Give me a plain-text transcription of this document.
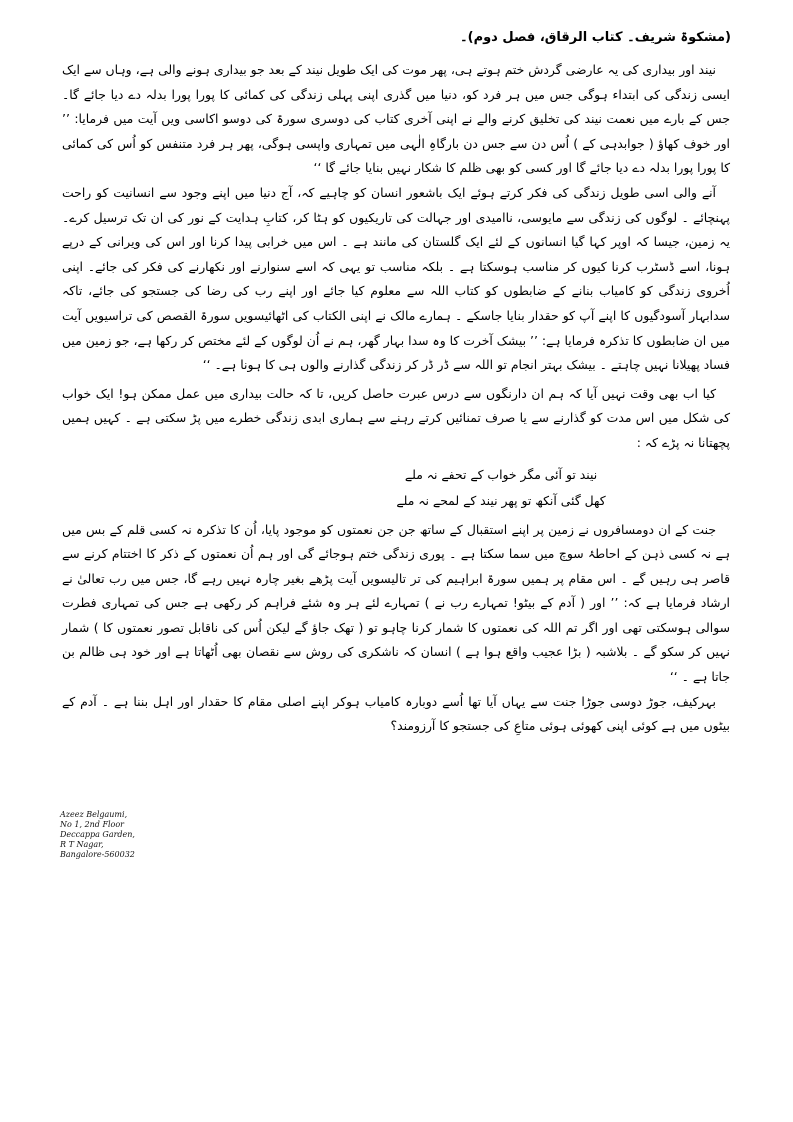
(مشکوۃ شریف۔ کتاب الرقاق، فصل دوم)۔

نیند اور بیداری کی یہ عارضی گردش ختم ہوتے ہی، پھر موت کی ایک طویل نیند کے بعد جو بیداری ہونے والی ہے، وہاں سے ایک ایسی زندگی کی ابتداء ہوگی جس میں ہر فرد کو، دنیا میں گذری اپنی پہلی زندگی کی کمائی کا پورا پورا بدلہ دے دیا جائے گا۔ جس کے بارے میں نعمت نیند کی تخلیق کرنے والے نے اپنی آخری کتاب کی دوسری سورۃ کی دوسو اکاسی ویں آیت میں فرمایا: ’’ اور خوف کھاؤ ( جوابدہی کے ) اُس دن سے جس دن بارگاہِ الٰہی میں تمہاری واپسی ہوگی، پھر ہر فرد متنفس کو اُس کی کمائی کا پورا پورا بدلہ دے دیا جائے گا اور کسی کو بھی ظلم کا شکار نہیں بنایا جائے گا ‘‘

آنے والی اسی طویل زندگی کی فکر کرتے ہوئے ایک باشعور انسان کو چاہیے کہ، آج دنیا میں اپنے وجود سے انسانیت کو راحت پہنچائے ۔ لوگوں کی زندگی سے مایوسی، ناامیدی اور جہالت کی تاریکیوں کو ہٹا کر، کتابِ ہدایت کے نور کی ان تک ترسیل کرے۔ یہ زمین، جیسا کہ اوپر کہا گیا انسانوں کے لئے ایک گلستان کی مانند ہے ۔ اس میں خرابی پیدا کرنا اور اس کی ویرانی کے درپے ہونا، اسے ڈسٹرب کرنا کیوں کر مناسب ہوسکتا ہے ۔ بلکہ مناسب تو یہی کہ اسے سنوارنے اور نکھارنے کی فکر کی جائے۔ اپنی اُخروی زندگی کو کامیاب بنانے کے ضابطوں کو کتاب اللہ سے معلوم کیا جائے اور اپنے رب کی رضا کی جستجو کی جائے، تاکہ سدابہار آسودگیوں کا اپنے آپ کو حقدار بنایا جاسکے ۔ ہمارے مالک نے اپنی الکتاب کی اٹھائیسویں سورۃ القصص کی تراسیویں آیت میں ان ضابطوں کا تذکرہ فرمایا ہے: ’’ بیشک آخرت کا وہ سدا بہار گھر، ہم نے اُن لوگوں کے لئے مختص کر رکھا ہے، جو زمین میں فساد پھیلانا نہیں چاہتے ۔ بیشک بہتر انجام تو اللہ سے ڈر ڈر کر زندگی گذارنے والوں ہی کا ہونا ہے۔ ‘‘

کیا اب بھی وقت نہیں آیا کہ ہم ان دارنگوں سے درس عبرت حاصل کریں، تا کہ حالت بیداری میں عمل ممکن ہو! ایک خواب کی شکل میں اس مدت کو گذارنے سے یا صرف تمنائیں کرتے رہنے سے ہماری ابدی زندگی خطرے میں پڑ سکتی ہے ۔ کہیں ہمیں پچھتانا نہ پڑے کہ :

نیند تو آئی مگر خواب کے تحفے نہ ملے
کھل گئی آنکھ تو پھر نیند کے لمحے نہ ملے

جنت کے ان دومسافروں نے زمین پر اپنے استقبال کے ساتھ جن جن نعمتوں کو موجود پایا، اُن کا تذکرہ نہ کسی قلم کے بس میں ہے نہ کسی ذہن کے احاطۂ سوچ میں سما سکتا ہے ۔ پوری زندگی ختم ہوجائے گی اور ہم اُن نعمتوں کے ذکر کا اختتام کرنے سے قاصر ہی رہیں گے ۔ اس مقام پر ہمیں سورۃ ابراہیم کی تر تالیسویں آیت پڑھے بغیر چارہ نہیں رہے گا، جس میں رب تعالیٰ نے ارشاد فرمایا ہے کہ: ’’ اور ( آدم کے بیٹو! تمہارے رب نے ) تمہارے لئے ہر وہ شئے فراہم کر رکھی ہے جس کی تمہاری فطرت سوالی ہوسکتی تھی اور اگر تم اللہ کی نعمتوں کا شمار کرنا چاہو تو ( تھک جاؤ گے لیکن اُس کی ناقابل تصور نعمتوں کا ) شمار نہیں کر سکو گے ۔ بلاشبہ ( بڑا عجیب واقع ہوا ہے ) انسان کہ ناشکری کی روش سے نقصان بھی اُٹھاتا ہے اور خود ہی ظالم بن جاتا ہے ۔ ‘‘

بہرکیف، جوڑ دوسی جوڑا جنت سے یہاں آیا تھا اُسے دوبارہ کامیاب ہوکر اپنے اصلی مقام کا حقدار اور اہل بننا ہے ۔ آدم کے بیٹوں میں ہے کوئی اپنی کھوئی ہوئی متاعِ کی جستجو کا آرزومند؟

Azeez Belgaumi,
No 1, 2nd Floor
Deccappa Garden,
R T Nagar,
Bangalore-560032
